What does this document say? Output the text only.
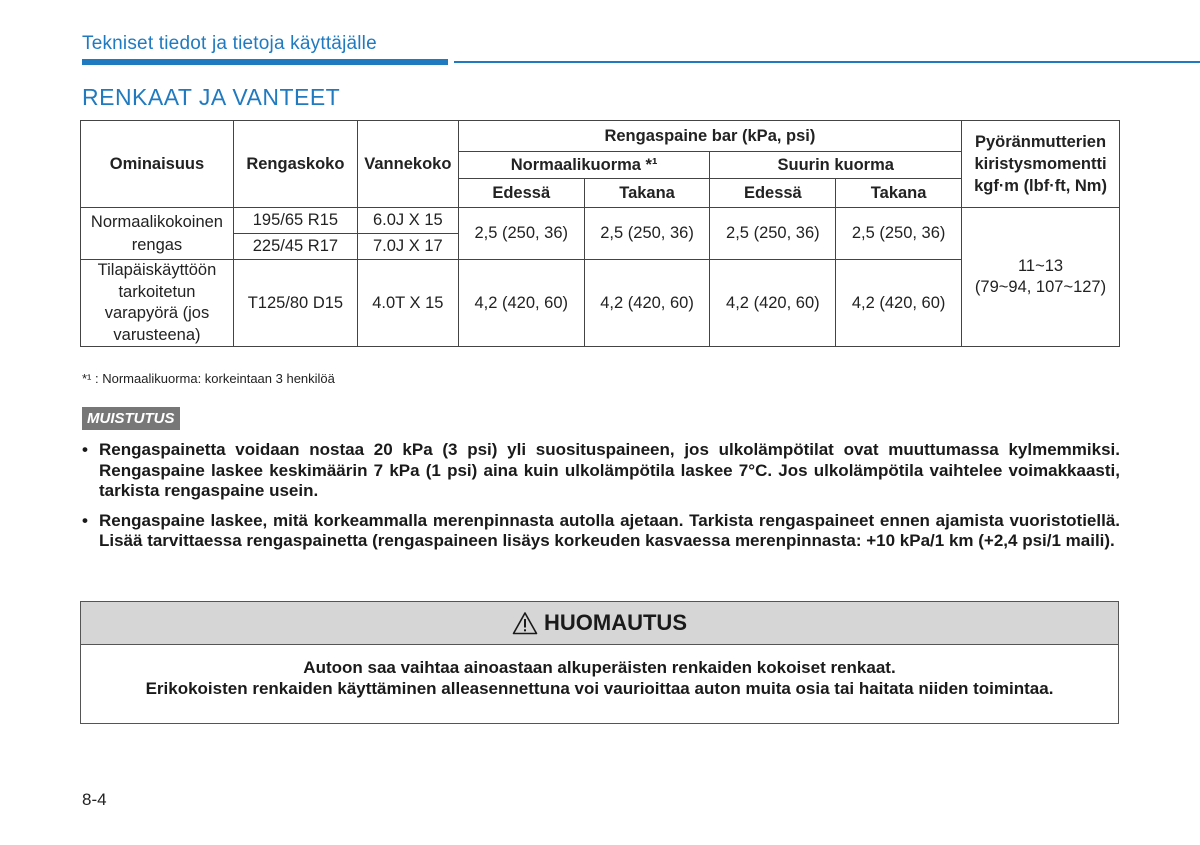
Tekniset tiedot ja tietoja käyttäjälle
RENKAAT JA VANTEET
Ominaisuus	Rengaskoko	Vannekoko	Rengaspaine bar (kPa, psi)				Pyöränmutterien kiristysmomentti kgf·m (lbf·ft, Nm)
			Normaalikuorma *¹		Suurin kuorma		
			Edessä	Takana	Edessä	Takana	
Normaalikokoinen rengas	195/65 R15	6.0J X 15	2,5 (250, 36)	2,5 (250, 36)	2,5 (250, 36)	2,5 (250, 36)	11~13
(79~94, 107~127)

	225/45 R17	7.0J X 17					
Tilapäiskäyttöön tarkoitetun varapyörä (jos varusteena)	T125/80 D15	4.0T X 15	4,2 (420, 60)	4,2 (420, 60)	4,2 (420, 60)	4,2 (420, 60)	
*¹ : Normaalikuorma: korkeintaan 3 henkilöä
MUISTUTUS
• Rengaspainetta voidaan nostaa 20 kPa (3 psi) yli suosituspaineen, jos ulkolämpötilat ovat muuttumassa kylmemmiksi. Rengaspaine laskee keskimäärin 7 kPa (1 psi) aina kuin ulkolämpötila laskee 7°C. Jos ulkolämpötila vaihtelee voimakkaasti, tarkista rengaspaine usein.
• Rengaspaine laskee, mitä korkeammalla merenpinnasta autolla ajetaan. Tarkista rengaspaineet ennen ajamista vuoristotiellä. Lisää tarvittaessa rengaspainetta (rengaspaineen lisäys korkeuden kasvaessa merenpinnasta: +10 kPa/1 km (+2,4 psi/1 maili).
HUOMAUTUS
Autoon saa vaihtaa ainoastaan alkuperäisten renkaiden kokoiset renkaat.
Erikokoisten renkaiden käyttäminen alleasennettuna voi vaurioittaa auton muita osia tai haitata niiden toimintaa.
8-4
